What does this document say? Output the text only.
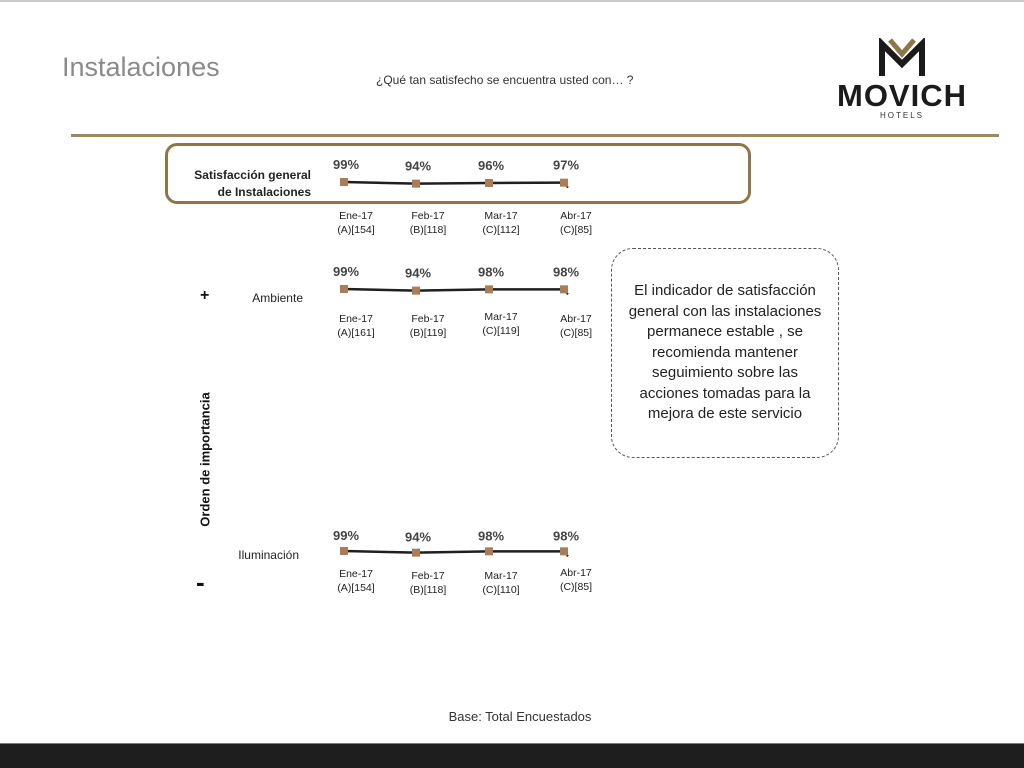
Instalaciones	¿Qué tan satisfecho se encuentra usted con… ?	MOVICH
HOTELS
Satisfacción general
de Instalaciones
Ambiente
Iluminación
+
-
Orden de importancia
99%
Ene-17
(A)[154]
94%
Feb-17
(B)[118]
96%
Mar-17
(C)[112]
97%
Abr-17
(C)[85]
99%
Ene-17
(A)[161]
94%
Feb-17
(B)[119]
98%
Mar-17
(C)[119]
98%
Abr-17
(C)[85]
99%
Ene-17
(A)[154]
94%
Feb-17
(B)[118]
98%
Mar-17
(C)[110]
98%
Abr-17
(C)[85]
El indicador de satisfacción general con las instalaciones permanece estable , se recomienda mantener seguimiento sobre las acciones tomadas para la mejora de este servicio
Base: Total Encuestados
